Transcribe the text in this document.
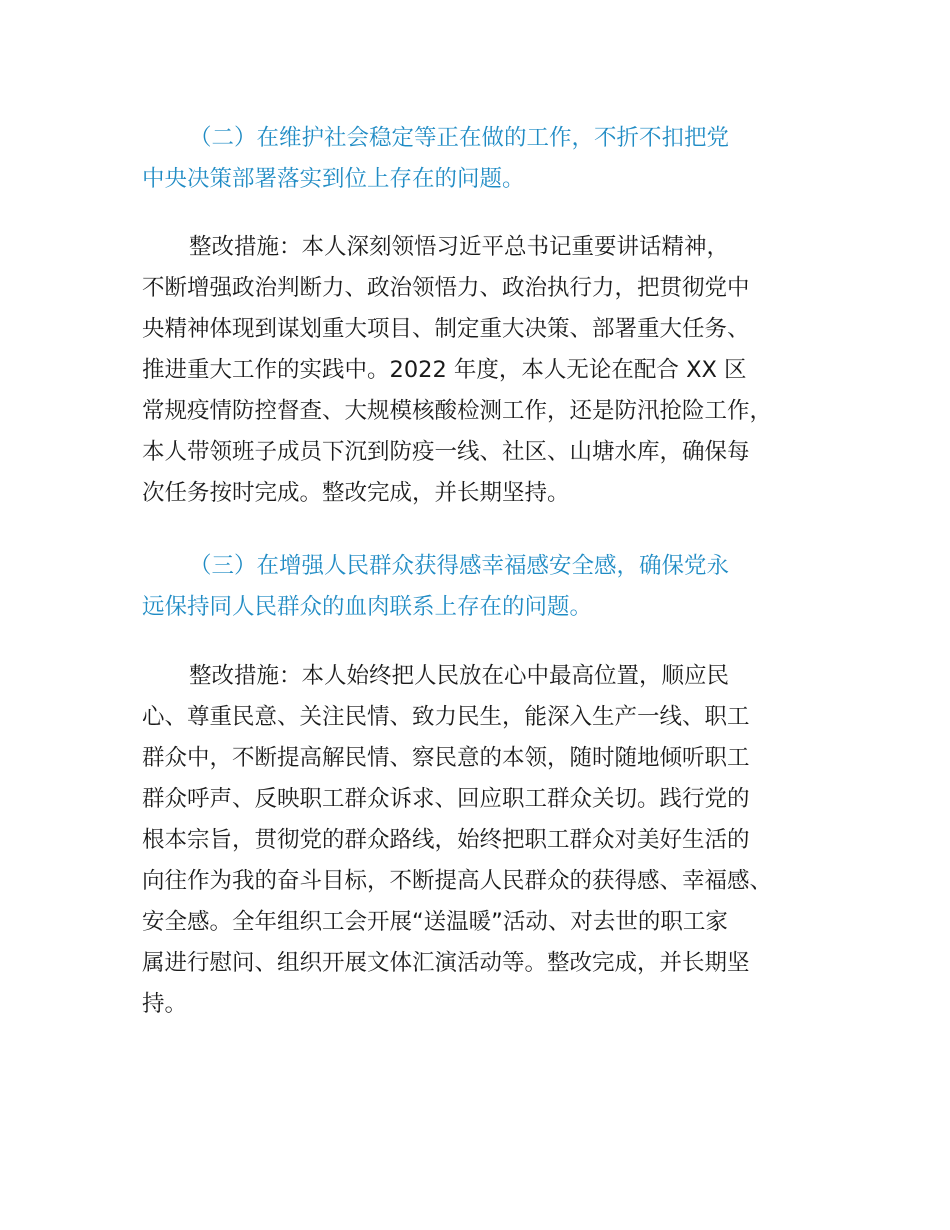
（二）在维护社会稳定等正在做的工作，不折不扣把党
中央决策部署落实到位上存在的问题。
整改措施：本人深刻领悟习近平总书记重要讲话精神，
不断增强政治判断力、政治领悟力、政治执行力，把贯彻党中
央精神体现到谋划重大项目、制定重大决策、部署重大任务、
推进重大工作的实践中。2022 年度，本人无论在配合 XX 区
常规疫情防控督查、大规模核酸检测工作，还是防汛抢险工作，
本人带领班子成员下沉到防疫一线、社区、山塘水库，确保每
次任务按时完成。整改完成，并长期坚持。
（三）在增强人民群众获得感幸福感安全感，确保党永
远保持同人民群众的血肉联系上存在的问题。
整改措施：本人始终把人民放在心中最高位置，顺应民
心、尊重民意、关注民情、致力民生，能深入生产一线、职工
群众中，不断提高解民情、察民意的本领，随时随地倾听职工
群众呼声、反映职工群众诉求、回应职工群众关切。践行党的
根本宗旨，贯彻党的群众路线，始终把职工群众对美好生活的
向往作为我的奋斗目标，不断提高人民群众的获得感、幸福感、
安全感。全年组织工会开展“送温暖”活动、对去世的职工家
属进行慰问、组织开展文体汇演活动等。整改完成，并长期坚
持。
